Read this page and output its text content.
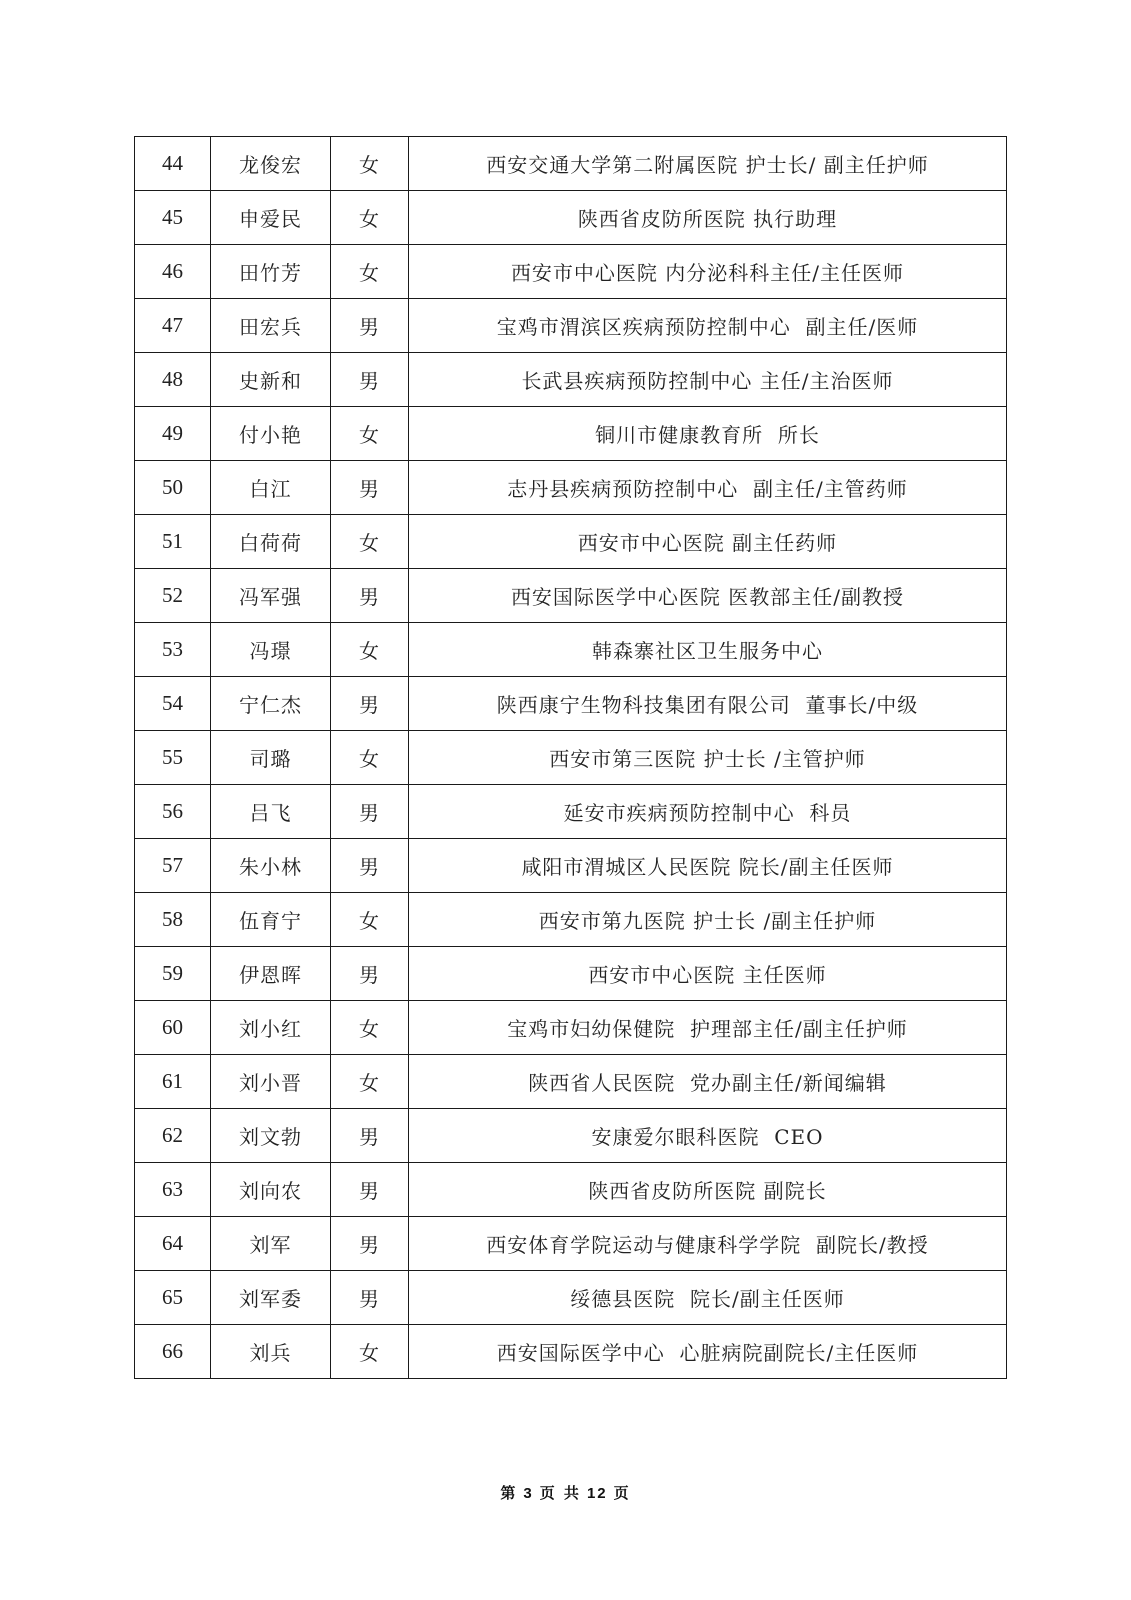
44	龙俊宏	女	西安交通大学第二附属医院 护士长/ 副主任护师
45	申爱民	女	陕西省皮防所医院 执行助理
46	田竹芳	女	西安市中心医院 内分泌科科主任/主任医师
47	田宏兵	男	宝鸡市渭滨区疾病预防控制中心  副主任/医师
48	史新和	男	长武县疾病预防控制中心 主任/主治医师
49	付小艳	女	铜川市健康教育所  所长
50	白江	男	志丹县疾病预防控制中心  副主任/主管药师
51	白荷荷	女	西安市中心医院 副主任药师
52	冯军强	男	西安国际医学中心医院 医教部主任/副教授
53	冯璟	女	韩森寨社区卫生服务中心
54	宁仁杰	男	陕西康宁生物科技集团有限公司  董事长/中级
55	司璐	女	西安市第三医院 护士长 /主管护师
56	吕飞	男	延安市疾病预防控制中心  科员
57	朱小林	男	咸阳市渭城区人民医院 院长/副主任医师
58	伍育宁	女	西安市第九医院 护士长 /副主任护师
59	伊恩晖	男	西安市中心医院 主任医师
60	刘小红	女	宝鸡市妇幼保健院  护理部主任/副主任护师
61	刘小晋	女	陕西省人民医院  党办副主任/新闻编辑
62	刘文勃	男	安康爱尔眼科医院  CEO
63	刘向农	男	陕西省皮防所医院 副院长
64	刘军	男	西安体育学院运动与健康科学学院  副院长/教授
65	刘军委	男	绥德县医院  院长/副主任医师
66	刘兵	女	西安国际医学中心  心脏病院副院长/主任医师
第 3 页 共 12 页
